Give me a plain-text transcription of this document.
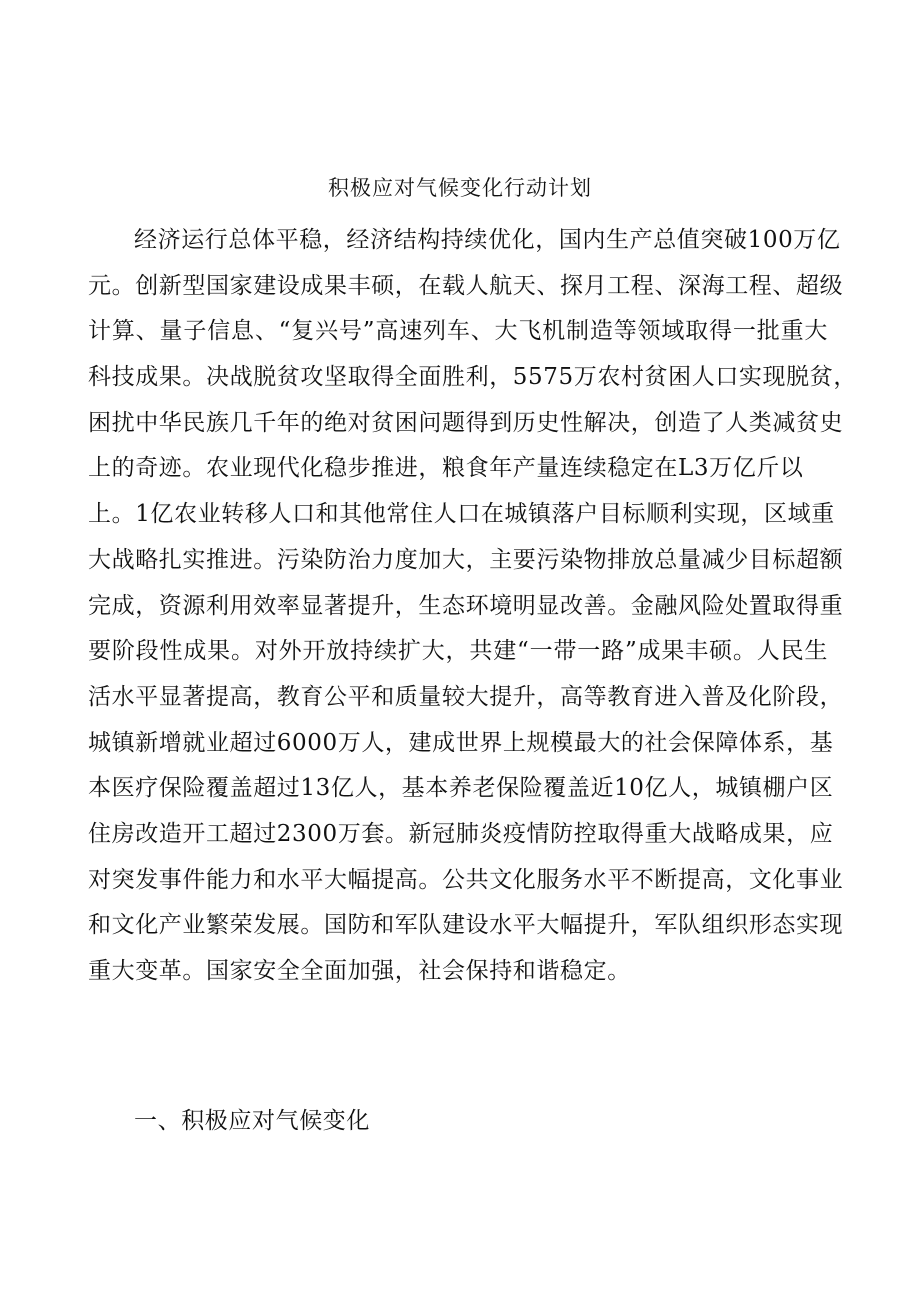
积极应对气候变化行动计划
经济运行总体平稳，经济结构持续优化，国内生产总值突破100万亿
元。创新型国家建设成果丰硕，在载人航天、探月工程、深海工程、超级
计算、量子信息、“复兴号”高速列车、大飞机制造等领域取得一批重大
科技成果。决战脱贫攻坚取得全面胜利，5575万农村贫困人口实现脱贫，
困扰中华民族几千年的绝对贫困问题得到历史性解决，创造了人类减贫史
上的奇迹。农业现代化稳步推进，粮食年产量连续稳定在L3万亿斤以
上。1亿农业转移人口和其他常住人口在城镇落户目标顺利实现，区域重
大战略扎实推进。污染防治力度加大，主要污染物排放总量减少目标超额
完成，资源利用效率显著提升，生态环境明显改善。金融风险处置取得重
要阶段性成果。对外开放持续扩大，共建“一带一路”成果丰硕。人民生
活水平显著提高，教育公平和质量较大提升，高等教育进入普及化阶段，
城镇新增就业超过6000万人，建成世界上规模最大的社会保障体系，基
本医疗保险覆盖超过13亿人，基本养老保险覆盖近10亿人，城镇棚户区
住房改造开工超过2300万套。新冠肺炎疫情防控取得重大战略成果，应
对突发事件能力和水平大幅提高。公共文化服务水平不断提高，文化事业
和文化产业繁荣发展。国防和军队建设水平大幅提升，军队组织形态实现
重大变革。国家安全全面加强，社会保持和谐稳定。
一、积极应对气候变化
